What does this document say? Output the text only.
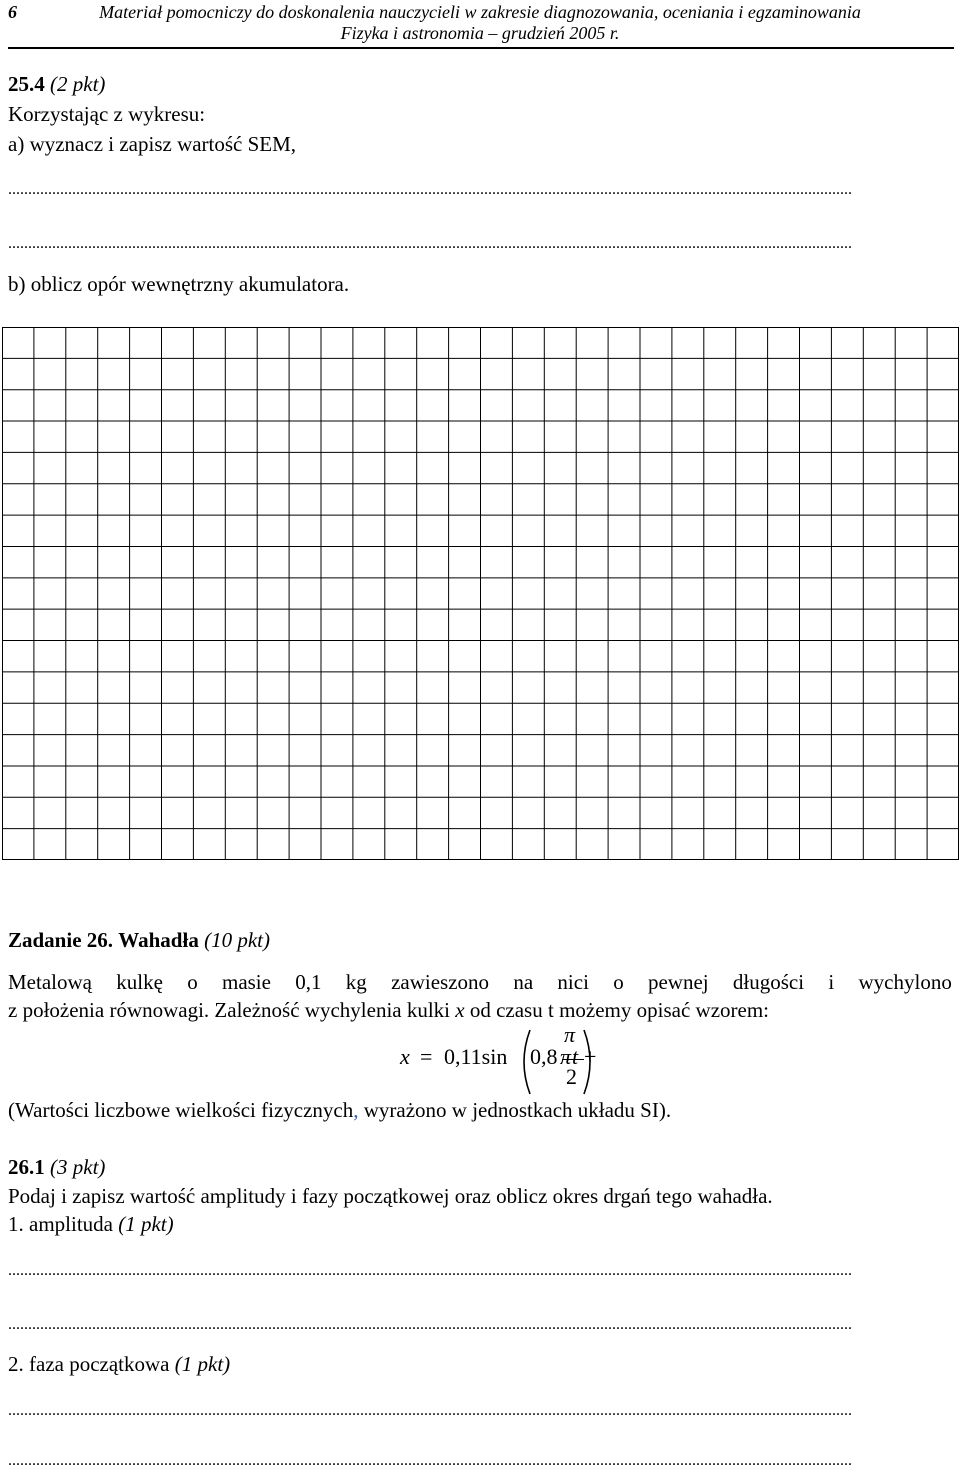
6	Materiał pomocniczy do doskonalenia nauczycieli w zakresie diagnozowania, oceniania i egzaminowania
Fizyka i astronomia – grudzień 2005 r.
25.4 (2 pkt)
Korzystając z wykresu:
a) wyznacz i zapisz wartość SEM,
...................................................................................................................................................................................................................
...................................................................................................................................................................................................................
b) oblicz opór wewnętrzny akumulatora.
Zadanie 26. Wahadła (10 pkt)
Metalową kulkę o masie 0,1 kg zawieszono na nici o pewnej długości i wychylono
z położenia równowagi. Zależność wychylenia kulki x od czasu t możemy opisać wzorem:
x = 0,11sin 0,8 π t +
π
2
(Wartości liczbowe wielkości fizycznych, wyrażono w jednostkach układu SI).
26.1 (3 pkt)
Podaj i zapisz wartość amplitudy i fazy początkowej oraz oblicz okres drgań tego wahadła.
1. amplituda (1 pkt)
...................................................................................................................................................................................................................
...................................................................................................................................................................................................................
2. faza początkowa (1 pkt)
...................................................................................................................................................................................................................
...................................................................................................................................................................................................................
